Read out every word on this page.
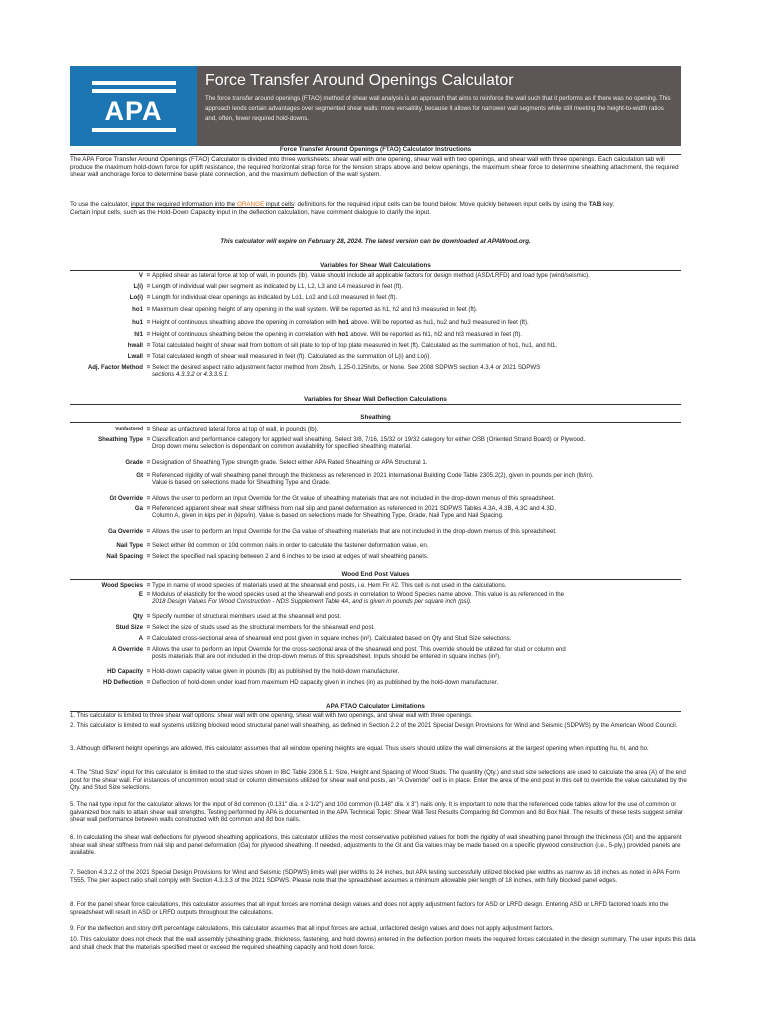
APA
Force Transfer Around Openings Calculator
The force transfer around openings (FTAO) method of shear wall analysis is an approach that aims to reinforce the wall such that it performs as if there was no opening. This approach lends certain advantages over segmented shear walls: more versatility, because it allows for narrower wall segments while still meeting the height-to-width ratios and, often, fewer required hold-downs.
Force Transfer Around Openings (FTAO) Calculator Instructions
The APA Force Transfer Around Openings (FTAO) Calculator is divided into three worksheets: shear wall with one opening, shear wall with two openings, and shear wall with three openings. Each calculation tab will produce the maximum hold-down force for uplift resistance, the required horizontal strap force for the tension straps above and below openings, the maximum shear force to determine sheathing attachment, the required shear wall anchorage force to determine base plate connection, and the maximum deflection of the wall system.
To use the calculator, input the required information into the ORANGE input cells: definitions for the required input cells can be found below. Move quickly between input cells by using the TAB key.
Certain input cells, such as the Hold-Down Capacity input in the deflection calculation, have comment dialogue to clarify the input.
This calculator will expire on February 28, 2024. The latest version can be downloaded at APAWood.org.
Variables for Shear Wall Calculations
V = Applied shear as lateral force at top of wall, in pounds (lb). Value should include all applicable factors for design method (ASD/LRFD) and load type (wind/seismic).
L(i) = Length of individual wall pier segment as indicated by L1, L2, L3 and L4 measured in feet (ft).
Lo(i) = Length for individual clear openings as indicated by Lo1, Lo2 and Lo3 measured in feet (ft).
ho1 = Maximum clear opening height of any opening in the wall system. Will be reported as h1, h2 and h3 measured in feet (ft).
hu1 = Height of continuous sheathing above the opening in correlation with ho1 above. Will be reported as hu1, hu2 and hu3 measured in feet (ft).
hl1 = Height of continuous sheathing below the opening in correlation with ho1 above. Will be reported as hl1, hl2 and hl3 measured in feet (ft).
hwall = Total calculated height of shear wall from bottom of sill plate to top of top plate measured in feet (ft). Calculated as the summation of ho1, hu1, and hl1.
Lwall = Total calculated length of shear wall measured in feet (ft). Calculated as the summation of L(i) and Lo(i).
Adj. Factor Method = Select the desired aspect ratio adjustment factor method from 2bs/h, 1.25-0.125h/bs, or None. See 2008 SDPWS section 4.3.4 or 2021 SDPWS
sections 4.3.3.2 or 4.3.3.5.1.
Variables for Shear Wall Deflection Calculations
Sheathing
Vunfactored = Shear as unfactored lateral force at top of wall, in pounds (lb).
Sheathing Type = Classification and performance category for applied wall sheathing. Select 3/8, 7/16, 15/32 or 19/32 category for either OSB (Oriented Strand Board) or Plywood.
Drop down menu selection is dependant on common availability for specified sheathing material.
Grade = Designation of Sheathing Type strength grade. Select either APA Rated Sheathing or APA Structural 1.
Gt = Referenced rigidity of wall sheathing panel through the thickness as referenced in 2021 International Building Code Table 2305.2(2), given in pounds per inch (lb/in).
Value is based on selections made for Sheathing Type and Grade.
Gt Override = Allows the user to perform an Input Override for the Gt value of sheathing materials that are not included in the drop-down menus of this spreadsheet.
Ga = Referenced apparent shear wall shear stiffness from nail slip and panel deformation as referenced in 2021 SDPWS Tables 4.3A, 4.3B, 4.3C and 4.3D,
Column A, given in kips per in (kips/in). Value is based on selections made for Sheathing Type, Grade, Nail Type and Nail Spacing.
Ga Override = Allows the user to perform an Input Override for the Ga value of sheathing materials that are not included in the drop-down menus of this spreadsheet.
Nail Type = Select either 8d common or 10d common nails in order to calculate the fastener deformation value, en.
Nail Spacing = Select the specified nail spacing between 2 and 6 inches to be used at edges of wall sheathing panels.
Wood End Post Values
Wood Species = Type in name of wood species of materials used at the shearwall end posts, i.e. Hem Fir #2. This cell is not used in the calculations.
E = Modulus of elasticity for the wood species used at the shearwall end posts in correlation to Wood Species name above. This value is as referenced in the
2018 Design Values For Wood Construction - NDS Supplement Table 4A, and is given in pounds per square inch (psi).
Qty = Specify number of structural members used at the shearwall end post.
Stud Size = Select the size of studs used as the structural members for the shearwall end post.
A = Calculated cross-sectional area of shearwall end post given in square inches (in²). Calculated based on Qty and Stud Size selections.
A Override = Allows the user to perform an Input Override for the cross-sectional area of the shearwall end post. This override should be utilized for stud or column end
posts materials that are not included in the drop-down menus of this spreadsheet. Inputs should be entered in square inches (in²).
HD Capacity = Hold-down capacity value given in pounds (lb) as published by the hold-down manufacturer.
HD Deflection = Deflection of hold-down under load from maximum HD capacity given in inches (in) as published by the hold-down manufacturer.
APA FTAO Calculator Limitations
1. This calculator is limited to three shear wall options: shear wall with one opening, shear wall with two openings, and shear wall with three openings.
2. This calculator is limited to wall systems utilizing blocked wood structural panel wall sheathing, as defined in Section 2.2 of the 2021 Special Design Provisions for Wind and Seismic (SDPWS) by the American Wood Council.
3. Although different height openings are allowed, this calculator assumes that all window opening heights are equal. Thus users should utilize the wall dimensions at the largest opening when inputting hu, hl, and ho.
4. The "Stud Size" input for this calculator is limited to the stud sizes shown in IBC Table 2308.5.1: Size, Height and Spacing of Wood Studs. The quantity (Qty.) and stud size selections are used to calculate the area (A) of the end post for the shear wall. For instances of uncommon wood stud or column dimensions utilized for shear wall end posts, an "A Override" cell is in place. Enter the area of the end post in this cell to override the value calculated by the Qty. and Stud Size selections.
5. The nail type input for the calculator allows for the input of 8d common (0.131" dia. x 2-1/2") and 10d common (0.148" dia. x 3") nails only. It is important to note that the referenced code tables allow for the use of common or galvanized box nails to attain shear wall strengths. Testing performed by APA is documented in the APA Technical Topic: Shear Wall Test Results Comparing 8d Common and 8d Box Nail. The results of these tests suggest similar shear wall performance between walls constructed with 8d common and 8d box nails.
6. In calculating the shear wall deflections for plywood sheathing applications, this calculator utilizes the most conservative published values for both the rigidity of wall sheathing panel through the thickness (Gt) and the apparent shear wall shear stiffness from nail slip and panel deformation (Ga) for plywood sheathing. If needed, adjustments to the Gt and Ga values may be made based on a specific plywood construction (i.e., 5-ply,) provided panels are available.
7. Section 4.3.2.2 of the 2021 Special Design Provisions for Wind and Seismic (SDPWS) limits wall pier widths to 24 inches, but APA testing successfully utilized blocked pier widths as narrow as 18 inches as noted in APA Form T555. The pier aspect ratio shall comply with Section 4.3.3.3 of the 2021 SDPWS. Please note that the spreadsheet assumes a minimum allowable pier length of 18 inches, with fully blocked panel edges.
8. For the panel shear force calculations, this calculator assumes that all input forces are nominal design values and does not apply adjustment factors for ASD or LRFD design. Entering ASD or LRFD factored loads into the spreadsheet will result in ASD or LRFD outputs throughout the calculations.
9. For the deflection and story drift percentage calculations, this calculator assumes that all input forces are actual, unfactored design values and does not apply adjustment factors.
10. This calculator does not check that the wall assembly (sheathing grade, thickness, fastening, and hold downs) entered in the deflection portion meets the required forces calculated in the design summary. The user inputs this data and shall check that the materials specified meet or exceed the required sheathing capacity and hold down force.
